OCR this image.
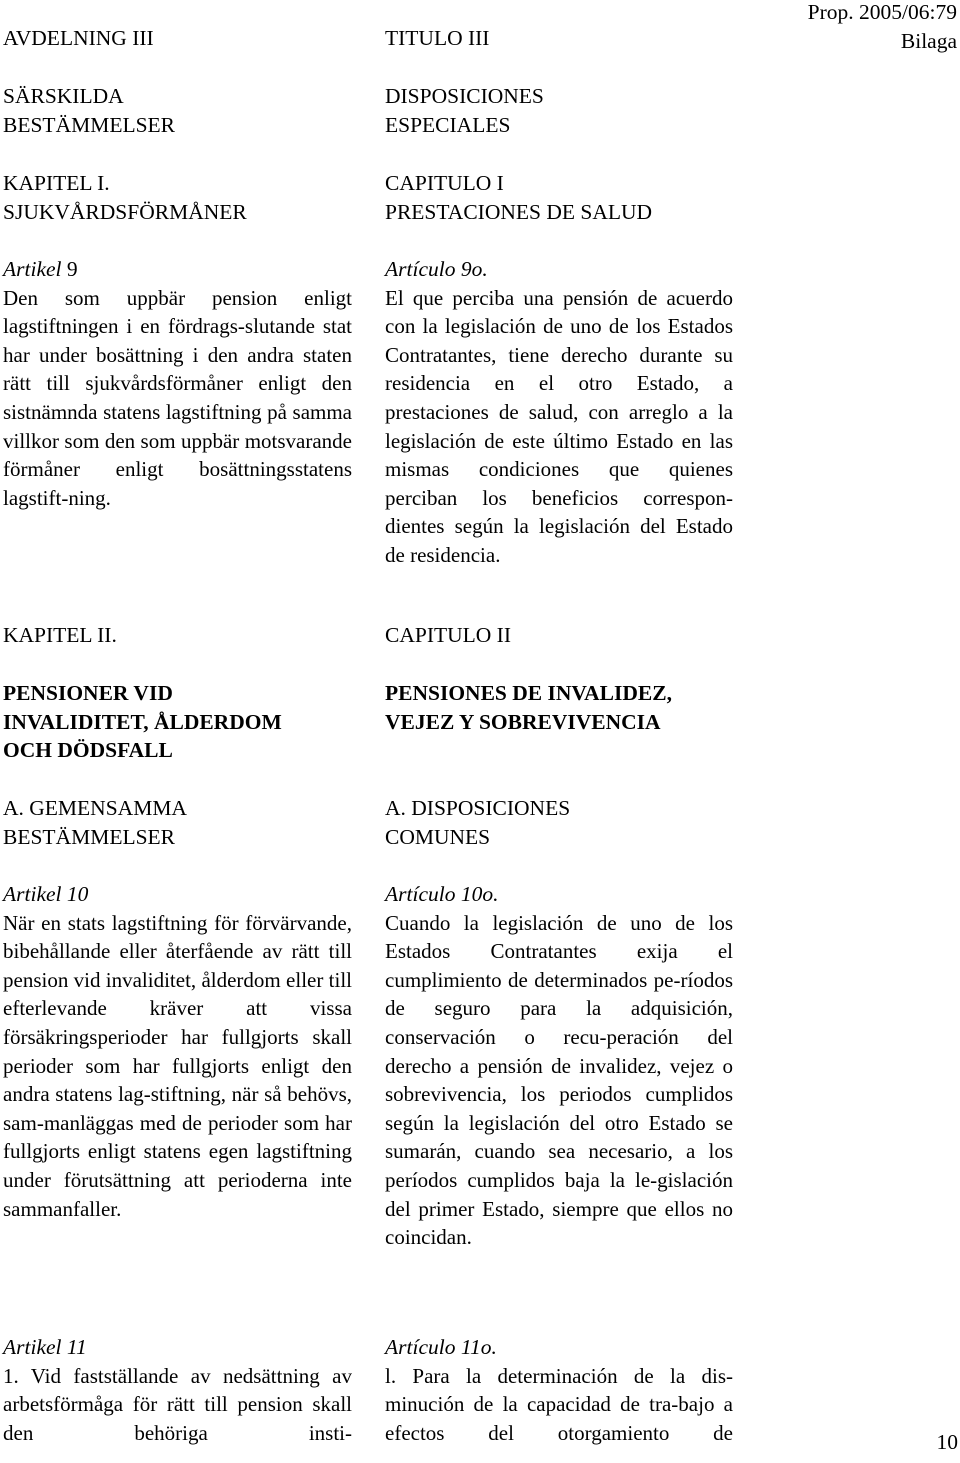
Prop. 2005/06:79
Bilaga
AVDELNING III
SÄRSKILDA
BESTÄMMELSER
KAPITEL I.
SJUKVÅRDSFÖRMÅNER
Artikel 9

Den som uppbär pension enligt lagstiftningen i en fördrags-slutande stat har under bosättning i den andra staten rätt till sjukvårdsförmåner enligt den sistnämnda statens lagstiftning på samma villkor som den som uppbär motsvarande förmåner enligt bosättningsstatens lagstift-ning.

KAPITEL II.
PENSIONER VID
INVALIDITET, ÅLDERDOM
OCH DÖDSFALL
A. GEMENSAMMA
BESTÄMMELSER
Artikel 10

När en stats lagstiftning för förvärvande, bibehållande eller återfående av rätt till pension vid invaliditet, ålderdom eller till efterlevande kräver att vissa försäkringsperioder har fullgjorts skall perioder som har fullgjorts enligt den andra statens lag-stiftning, när så behövs, sam-manläggas med de perioder som har fullgjorts enligt statens egen lagstiftning under förutsättning att perioderna inte sammanfaller.

Artikel 11

1. Vid fastställande av nedsättning av arbetsförmåga för rätt till pension skall den behöriga insti-

TITULO III
DISPOSICIONES
ESPECIALES
CAPITULO I
PRESTACIONES DE SALUD
Artículo 9o.

El que perciba una pensión de acuerdo con la legislación de uno de los Estados Contratantes, tiene derecho durante su residencia en el otro Estado, a prestaciones de salud, con arreglo a la legislación de este último Estado en las mismas condiciones que quienes perciban los beneficios correspon-dientes según la legislación del Estado de residencia.

CAPITULO II
PENSIONES DE INVALIDEZ,
VEJEZ Y SOBREVIVENCIA
A. DISPOSICIONES
COMUNES
Artículo 10o.

Cuando la legislación de uno de los Estados Contratantes exija el cumplimiento de determinados pe-ríodos de seguro para la adquisición, conservación o recu-peración del derecho a pensión de invalidez, vejez o sobrevivencia, los periodos cumplidos según la legislación del otro Estado se sumarán, cuando sea necesario, a los períodos cumplidos baja la le-gislación del primer Estado, siempre que ellos no coincidan.

Artículo 11o.

l. Para la determinación de la dis-minución de la capacidad de tra-bajo a efectos del otorgamiento de	10
